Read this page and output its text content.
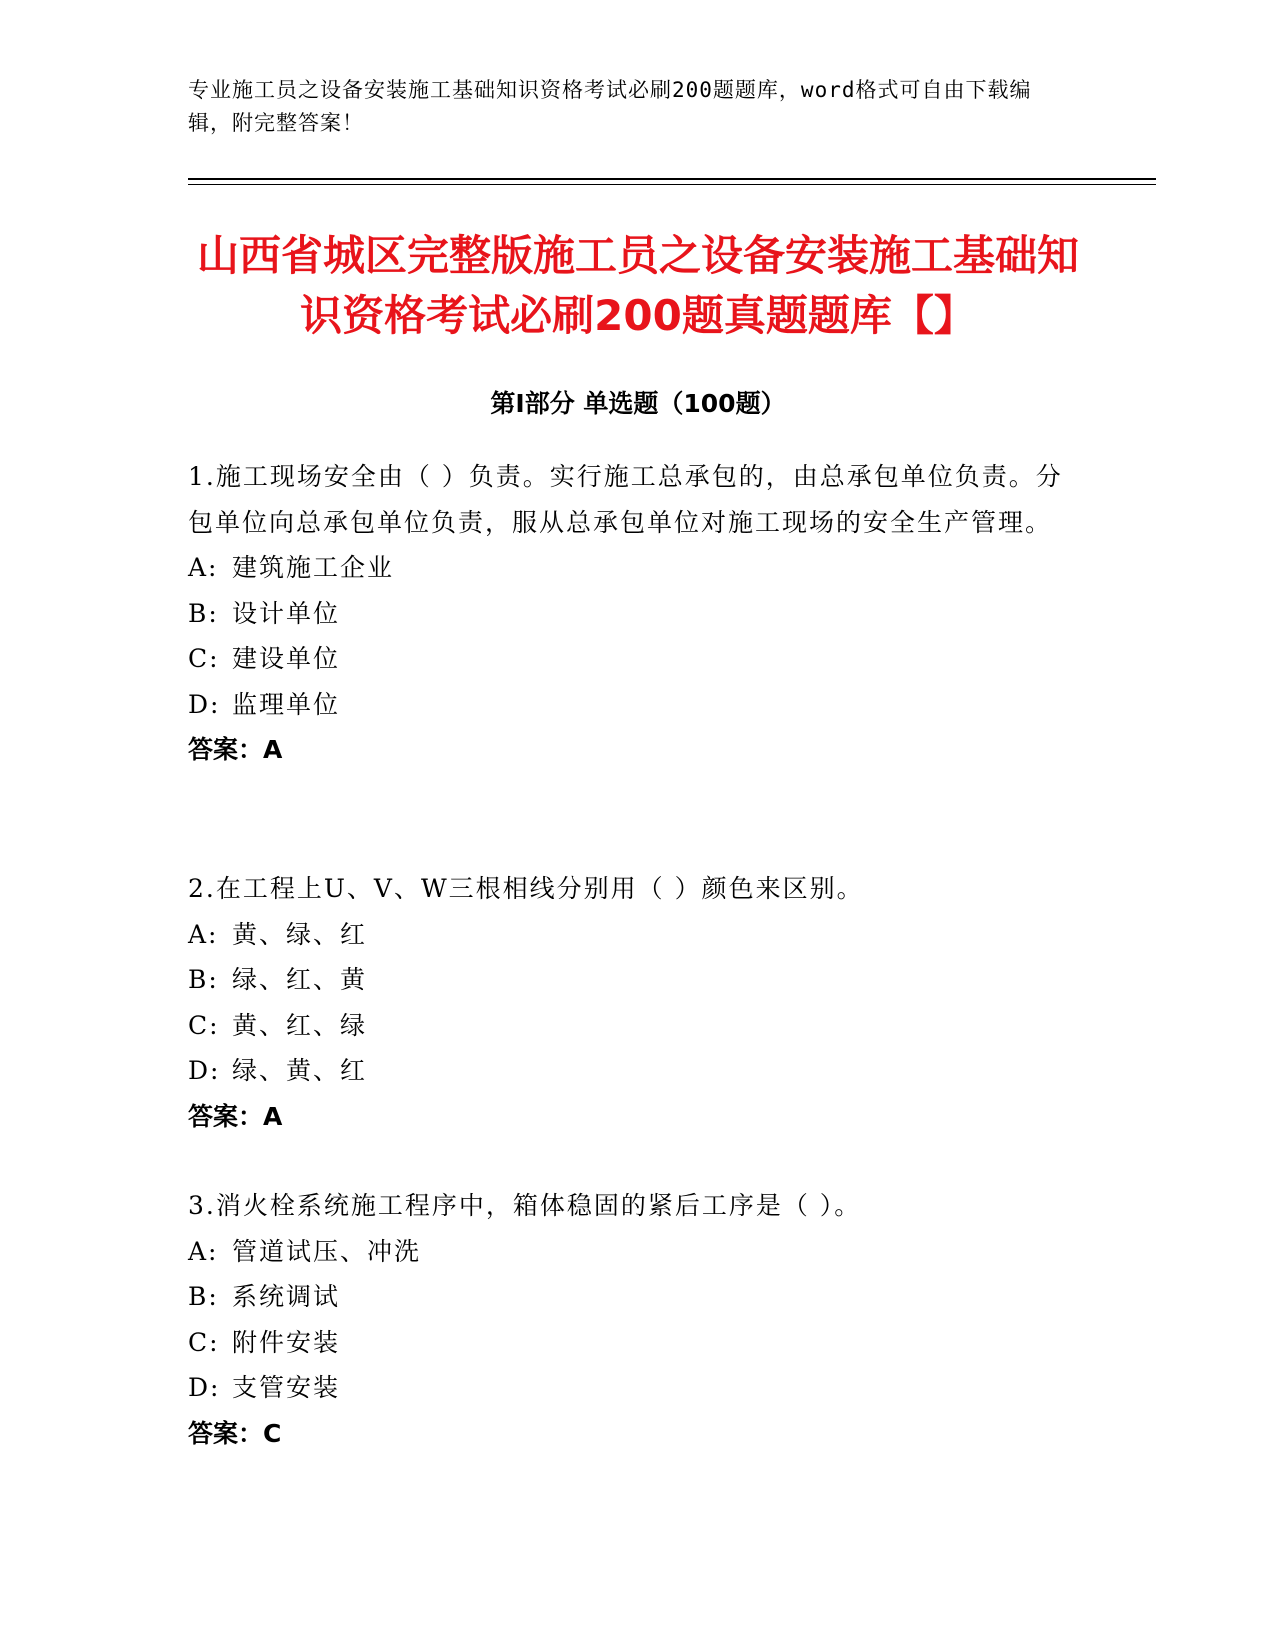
专业施工员之设备安装施工基础知识资格考试必刷200题题库，word格式可自由下载编辑，附完整答案！
山西省城区完整版施工员之设备安装施工基础知识资格考试必刷200题真题题库【】
第Ⅰ部分 单选题（100题）
1.施工现场安全由（ ）负责。实行施工总承包的，由总承包单位负责。分包单位向总承包单位负责，服从总承包单位对施工现场的安全生产管理。
A: 建筑施工企业
B: 设计单位
C: 建设单位
D: 监理单位
答案：A
2.在工程上U、V、W三根相线分别用（ ）颜色来区别。
A: 黄、绿、红
B: 绿、红、黄
C: 黄、红、绿
D: 绿、黄、红
答案：A
3.消火栓系统施工程序中，箱体稳固的紧后工序是（ ）。
A: 管道试压、冲洗
B: 系统调试
C: 附件安装
D: 支管安装
答案：C
